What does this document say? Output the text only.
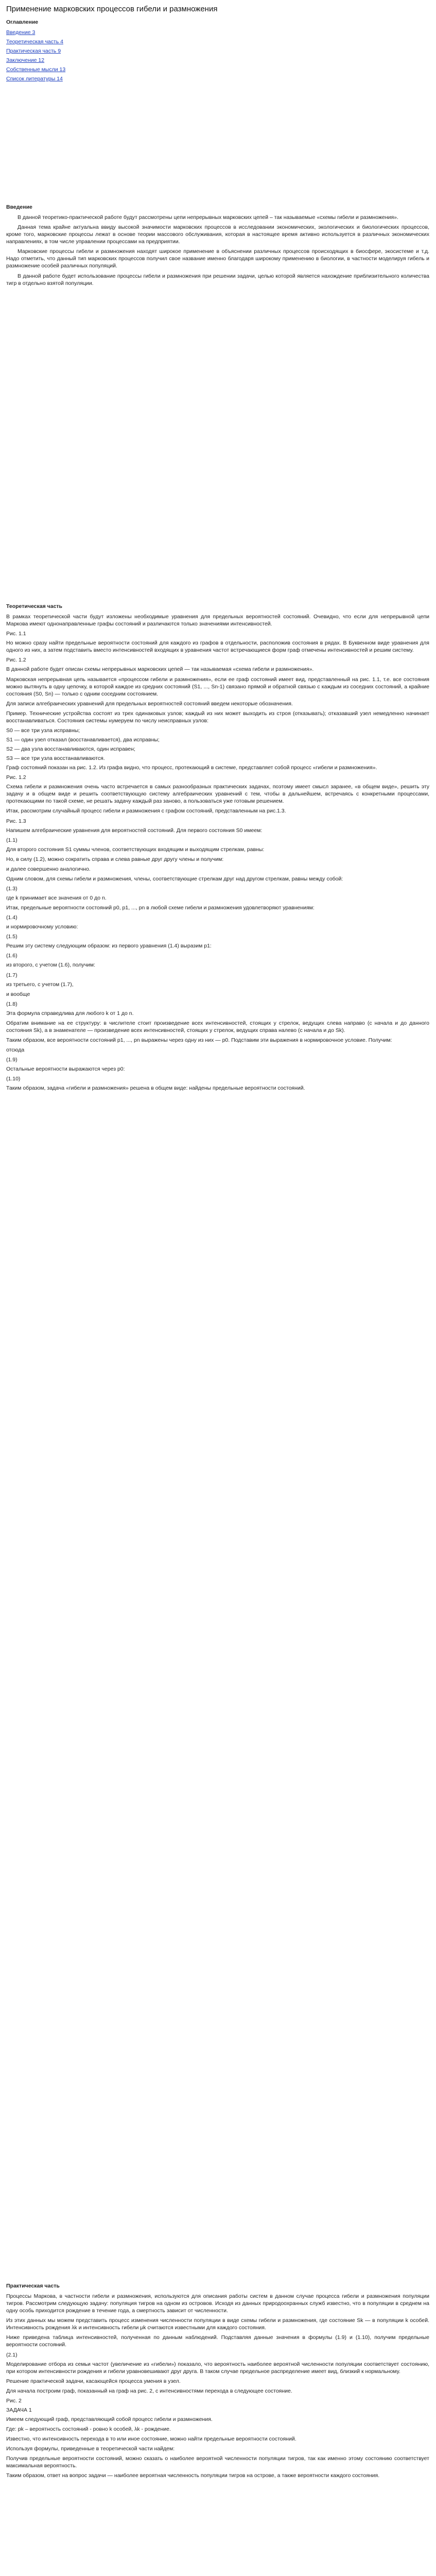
Применение марковских процессов гибели и размножения
Оглавление
Введение 3
Теоретическая часть 4
Практическая часть 9
Заключение 12
Собственные мысли 13
Список литературы 14
Введение

В данной теоретико-практической работе будут рассмотрены цепи непрерывных марковских цепей – так называемые «схемы гибели и размножения».

Данная тема крайне актуальна ввиду высокой значимости марковских процессов в исследовании экономических, экологических и биологических процессов, кроме того, марковские процессы лежат в основе теории массового обслуживания, которая в настоящее время активно используется в различных экономических направлениях, в том числе управлении процессами на предприятии.

Марковские процессы гибели и размножения находят широкое применение в объяснении различных процессов происходящих в биосфере, экосистеме и т.д. Надо отметить, что данный тип марковских процессов получил свое название именно благодаря широкому применению в биологии, в частности моделируя гибель и размножение особей различных популяций.

В данной работе будет использование процессы гибели и размножения при решении задачи, целью которой является нахождение приблизительного количества тигр в отдельно взятой популяции.

Теоретическая часть

В рамках теоретической части будут изложены необходимые уравнения для предельных вероятностей состояний. Очевидно, что если для непрерывной цепи Маркова имеют однонаправленные графы состояний и различаются только значениями интенсивностей.

Рис. 1.1

Но можно сразу найти предельные вероятности состояний для каждого из графов в отдельности, расположив состояния в рядах. В Буквенном виде уравнения для одного из них, а затем подставить вместо интенсивностей входящих в уравнения частот встречающиеся форм граф отмечены интенсивностей и решим систему.

Рис. 1.2

В данной работе будет описан схемы непрерывных марковских цепей — так называемая «схема гибели и размножения».

Марковская непрерывная цепь называется «процессом гибели и размножения», если ее граф состояний имеет вид, представленный на рис. 1.1, т.е. все состояния можно вытянуть в одну цепочку, в которой каждое из средних состояний (S1, ..., Sn-1) связано прямой и обратной связью с каждым из соседних состояний, а крайние состояния (S0, Sn) — только с одним соседним состоянием.

Для записи алгебраических уравнений для предельных вероятностей состояний введем некоторые обозначения.

Пример. Технические устройства состоят из трех одинаковых узлов; каждый из них может выходить из строя (отказывать); отказавший узел немедленно начинает восстанавливаться. Состояния системы нумеруем по числу неисправных узлов:

S0 — все три узла исправны;
S1 — один узел отказал (восстанавливается), два исправны;
S2 — два узла восстанавливаются, один исправен;
S3 — все три узла восстанавливаются.

Граф состояний показан на рис. 1.2. Из графа видно, что процесс, протекающий в системе, представляет собой процесс «гибели и размножения».

Рис. 1.2

Схема гибели и размножения очень часто встречается в самых разнообразных практических задачах, поэтому имеет смысл заранее, «в общем виде», решить эту задачу и в общем виде и решить соответствующую систему алгебраических уравнений с тем, чтобы в дальнейшем, встречаясь с конкретными процессами, протекающими по такой схеме, не решать задачу каждый раз заново, а пользоваться уже готовым решением.

Итак, рассмотрим случайный процесс гибели и размножения с графом состояний, представленным на рис.1.3.

Рис. 1.3

Напишем алгебраические уравнения для вероятностей состояний. Для первого состояния S0 имеем:

(1.1)

Для второго состояния S1 суммы членов, соответствующих входящим и выходящим стрелкам, равны:

Но, в силу (1.2), можно сократить справа и слева равные друг другу члены и получим:

и далее совершенно аналогично.

Одним словом, для схемы гибели и размножения, члены, соответствующие стрелкам друг над другом стрелкам, равны между собой:

(1.3)

где k принимает все значения от 0 до n.

Итак, предельные вероятности состояний p0, p1, ..., pn в любой схеме гибели и размножения удовлетворяют уравнениям:

(1.4)

и нормировочному условию:

(1.5)

Решим эту систему следующим образом: из первого уравнения (1.4) выразим p1:

(1.6)

из второго, с учетом (1.6), получим:

(1.7)

из третьего, с учетом (1.7),

и вообще

(1.8)

Эта формула справедлива для любого k от 1 до n.

Обратим внимание на ее структуру: в числителе стоит произведение всех интенсивностей, стоящих у стрелок, ведущих слева направо (с начала и до данного состояния Sk), а в знаменателе — произведение всех интенсивностей, стоящих у стрелок, ведущих справа налево (с начала и до Sk).

Таким образом, все вероятности состояний p1, ..., pn выражены через одну из них — p0. Подставим эти выражения в нормировочное условие. Получим:

отсюда

(1.9)

Остальные вероятности выражаются через p0:

(1.10)

Таким образом, задача «гибели и размножения» решена в общем виде: найдены предельные вероятности состояний.

Практическая часть

Процессы Маркова, в частности гибели и размножения, используются для описания работы систем в данном случае процесса гибели и размножения популяции тигров. Рассмотрим следующую задачу: популяция тигров на одном из островов. Исходя из данных природоохранных служб известно, что в популяции в среднем на одну особь приходится рождение в течение года, а смертность зависит от численности.

Из этих данных мы можем представить процесс изменения численности популяции в виде схемы гибели и размножения, где состояние Sk — в популяции k особей. Интенсивность рождения λk и интенсивность гибели μk считаются известными для каждого состояния.

Ниже приведена таблица интенсивностей, полученная по данным наблюдений. Подставляя данные значения в формулы (1.9) и (1.10), получим предельные вероятности состояний.

(2.1)

Моделирование отбора из семьи частот (увеличение из «гибели») показало, что вероятность наиболее вероятной численности популяции соответствует состоянию, при котором интенсивности рождения и гибели уравновешивают друг друга. В таком случае предельное распределение имеет вид, близкий к нормальному.

Решение практической задачи, касающейся процесса умения в узел.

Для начала построим граф, показанный на граф на рис. 2, с интенсивностями перехода в следующее состояние.

Рис. 2
ЗАДАЧА 1

Имеем следующий граф, представляющий собой процесс гибели и размножения.

Где: pk – вероятность состояний - ровно k особей, λk - рождение.

Известно, что интенсивность перехода в то или иное состояние, можно найти предельные вероятности состояний.

Используя формулы, приведенные в теоретической части найдем:

Получив предельные вероятности состояний, можно сказать о наиболее вероятной численности популяции тигров, так как именно этому состоянию соответствует максимальная вероятность.

Таким образом, ответ на вопрос задачи — наиболее вероятная численность популяции тигров на острове, а также вероятности каждого состояния.
